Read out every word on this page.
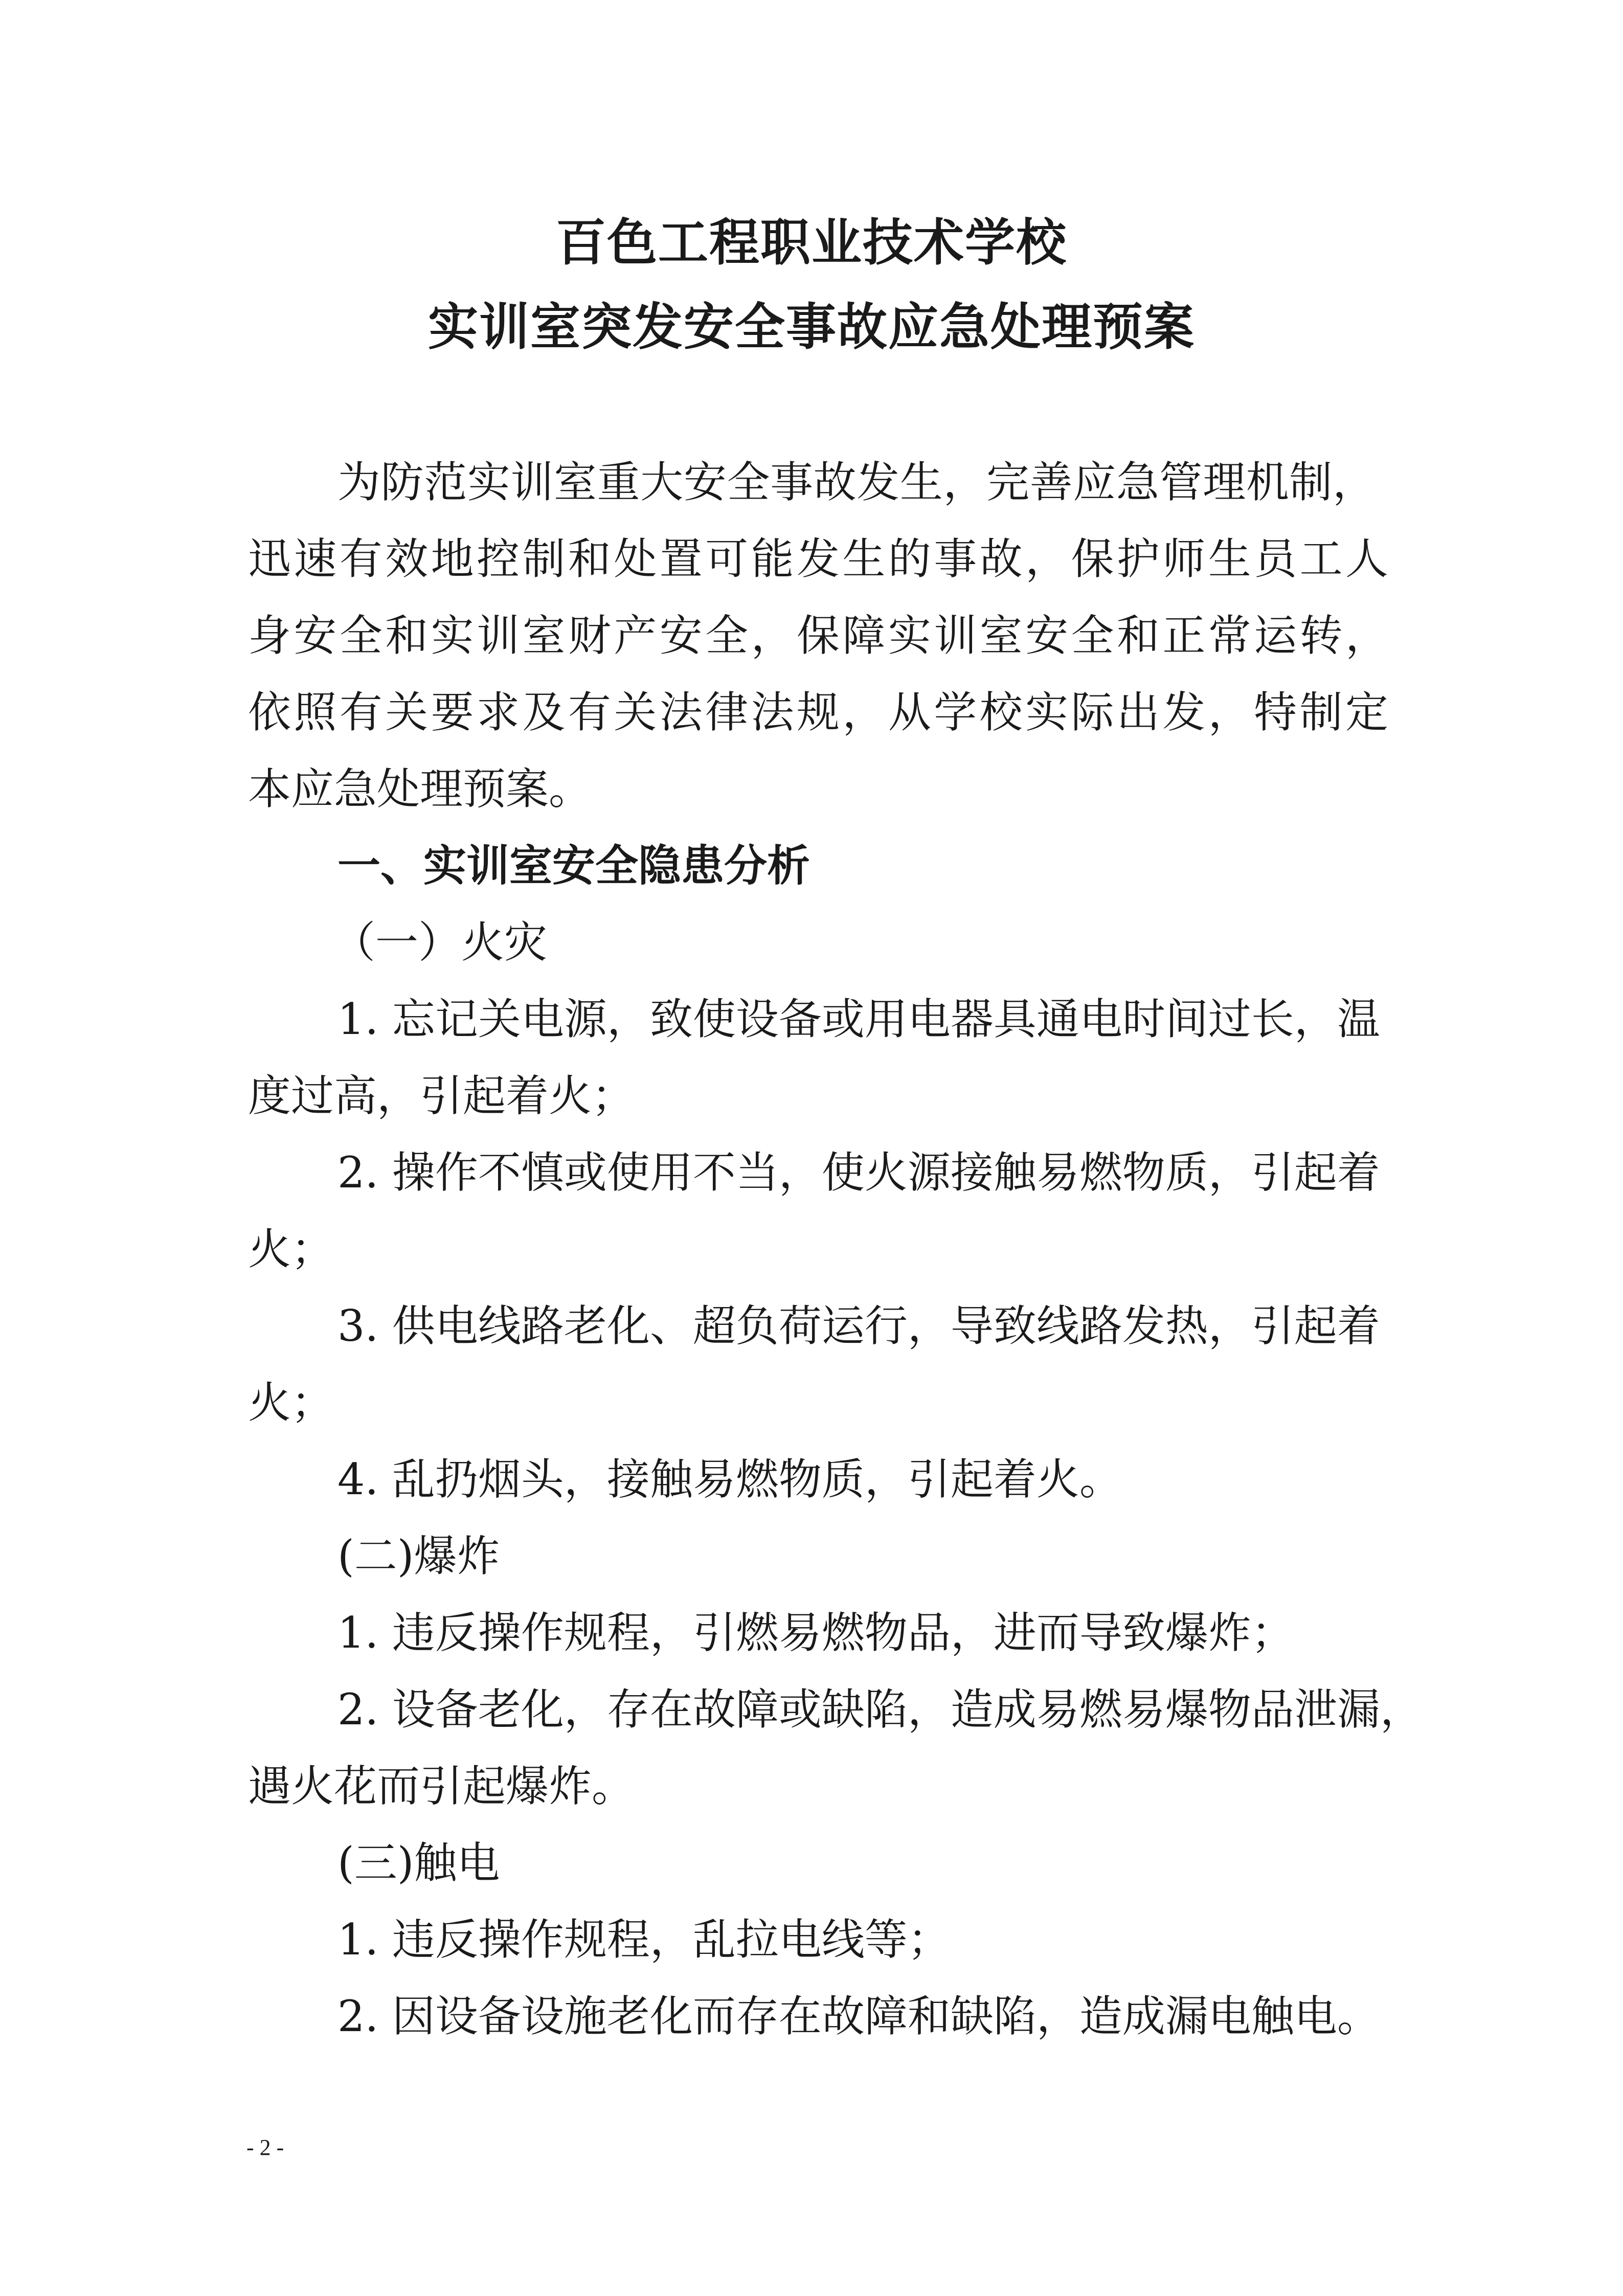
百色工程职业技术学校
实训室突发安全事故应急处理预案
为防范实训室重大安全事故发生，完善应急管理机制，
迅速有效地控制和处置可能发生的事故，保护师生员工人
身安全和实训室财产安全，保障实训室安全和正常运转，
依照有关要求及有关法律法规，从学校实际出发，特制定
本应急处理预案。
一、实训室安全隐患分析
（一）火灾
1. 忘记关电源，致使设备或用电器具通电时间过长，温
度过高，引起着火；
2. 操作不慎或使用不当，使火源接触易燃物质，引起着
火；
3. 供电线路老化、超负荷运行，导致线路发热，引起着
火；
4. 乱扔烟头，接触易燃物质，引起着火。
(二)爆炸
1. 违反操作规程，引燃易燃物品，进而导致爆炸；
2. 设备老化，存在故障或缺陷，造成易燃易爆物品泄漏，
遇火花而引起爆炸。
(三)触电
1. 违反操作规程，乱拉电线等；
2. 因设备设施老化而存在故障和缺陷，造成漏电触电。
- 2 -
